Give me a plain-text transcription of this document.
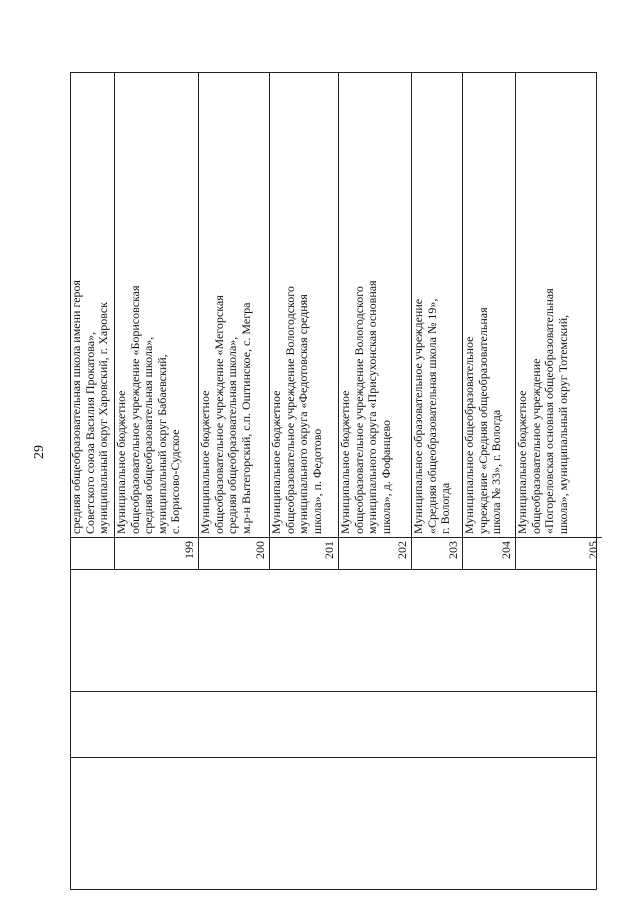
29 средняя общеобразовательная школа имени героя Советского союза Василия Прокатова», муниципальный округ Харовский, г. Харовск
199
Муниципальное бюджетное общеобразовательное учреждение «Борисовская средняя общеобразовательная школа», муниципальный округ Бабаевский, с. Борисово-Судское
200
Муниципальное бюджетное общеобразовательное учреждение «Мегорская средняя общеобразовательная школа», м.р-н Вытегорский, с.п. Оштинское, с. Мегра
201
Муниципальное бюджетное общеобразовательное учреждение Вологодского муниципального округа «Федотовская средняя школа», п. Федотово
202
Муниципальное бюджетное общеобразовательное учреждение Вологодского муниципального округа «Присухонская основная школа», д. Фофанцево
203
Муниципальное образовательное учреждение «Средняя общеобразовательная школа № 19», г. Вологда
204
Муниципальное общеобразовательное учреждение «Средняя общеобразовательная школа № 33», г. Вологда
205
Муниципальное бюджетное общеобразовательное учреждение «Погореловская основная общеобразовательная школа», муниципальный округ Тотемский,
